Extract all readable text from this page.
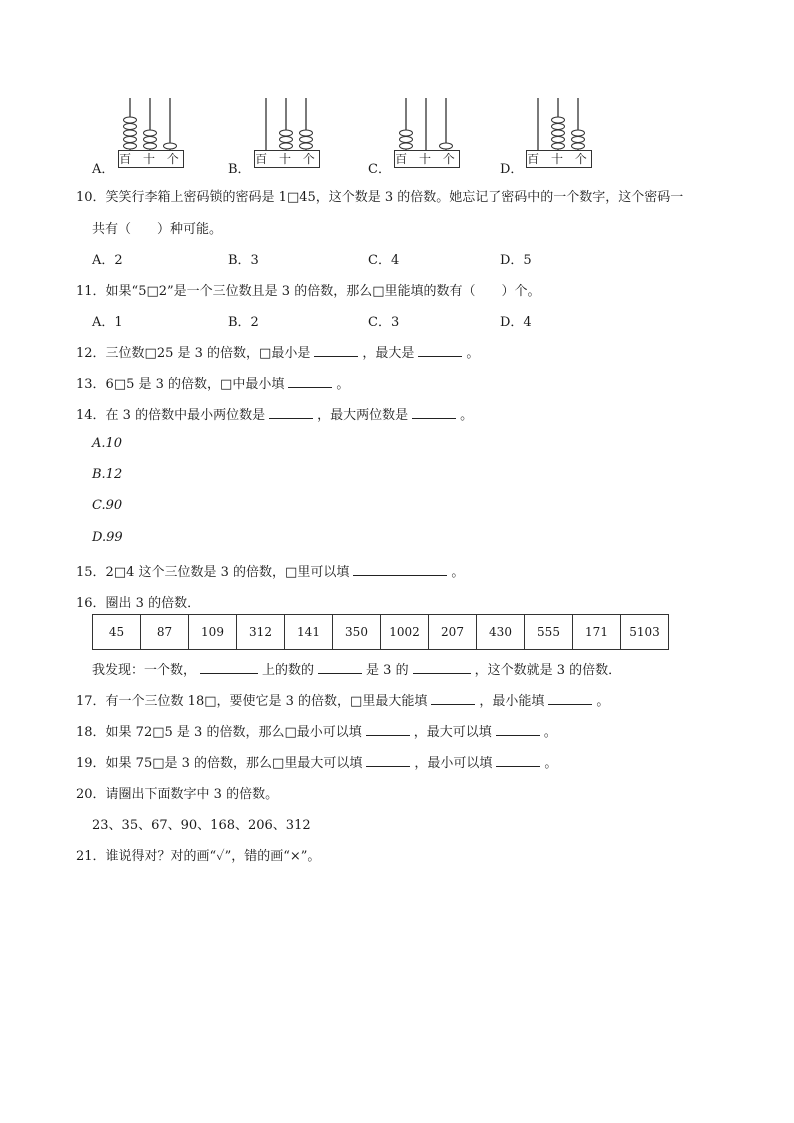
A．
百 十 个
B．
百 十 个
C．
百 十 个
D．
百 十 个
10．笑笑行李箱上密码锁的密码是 1□45，这个数是 3 的倍数。她忘记了密码中的一个数字，这个密码一
共有（　　）种可能。
A．2	B．3	C．4	D．5
11．如果“5□2”是一个三位数且是 3 的倍数，那么□里能填的数有（　　）个。
A．1	B．2	C．3	D．4
12．三位数□25 是 3 的倍数，□最小是	，最大是	。
13．6□5 是 3 的倍数，□中最小填	。
14．在 3 的倍数中最小两位数是	，最大两位数是	。
A.10
B.12
C.90
D.99
15．2□4 这个三位数是 3 的倍数，□里可以填	。
16．圈出 3 的倍数．
45	87	109	312	141	350	1002	207	430	555	171	5103
我发现：一个数，	上的数的	是 3 的	，这个数就是 3 的倍数．
17．有一个三位数 18□，要使它是 3 的倍数，□里最大能填	，最小能填	。
18．如果 72□5 是 3 的倍数，那么□最小可以填	，最大可以填	。
19．如果 75□是 3 的倍数，那么□里最大可以填	，最小可以填	。
20．请圈出下面数字中 3 的倍数。
23、35、67、90、168、206、312
21．谁说得对？对的画“✓”，错的画“×”。
